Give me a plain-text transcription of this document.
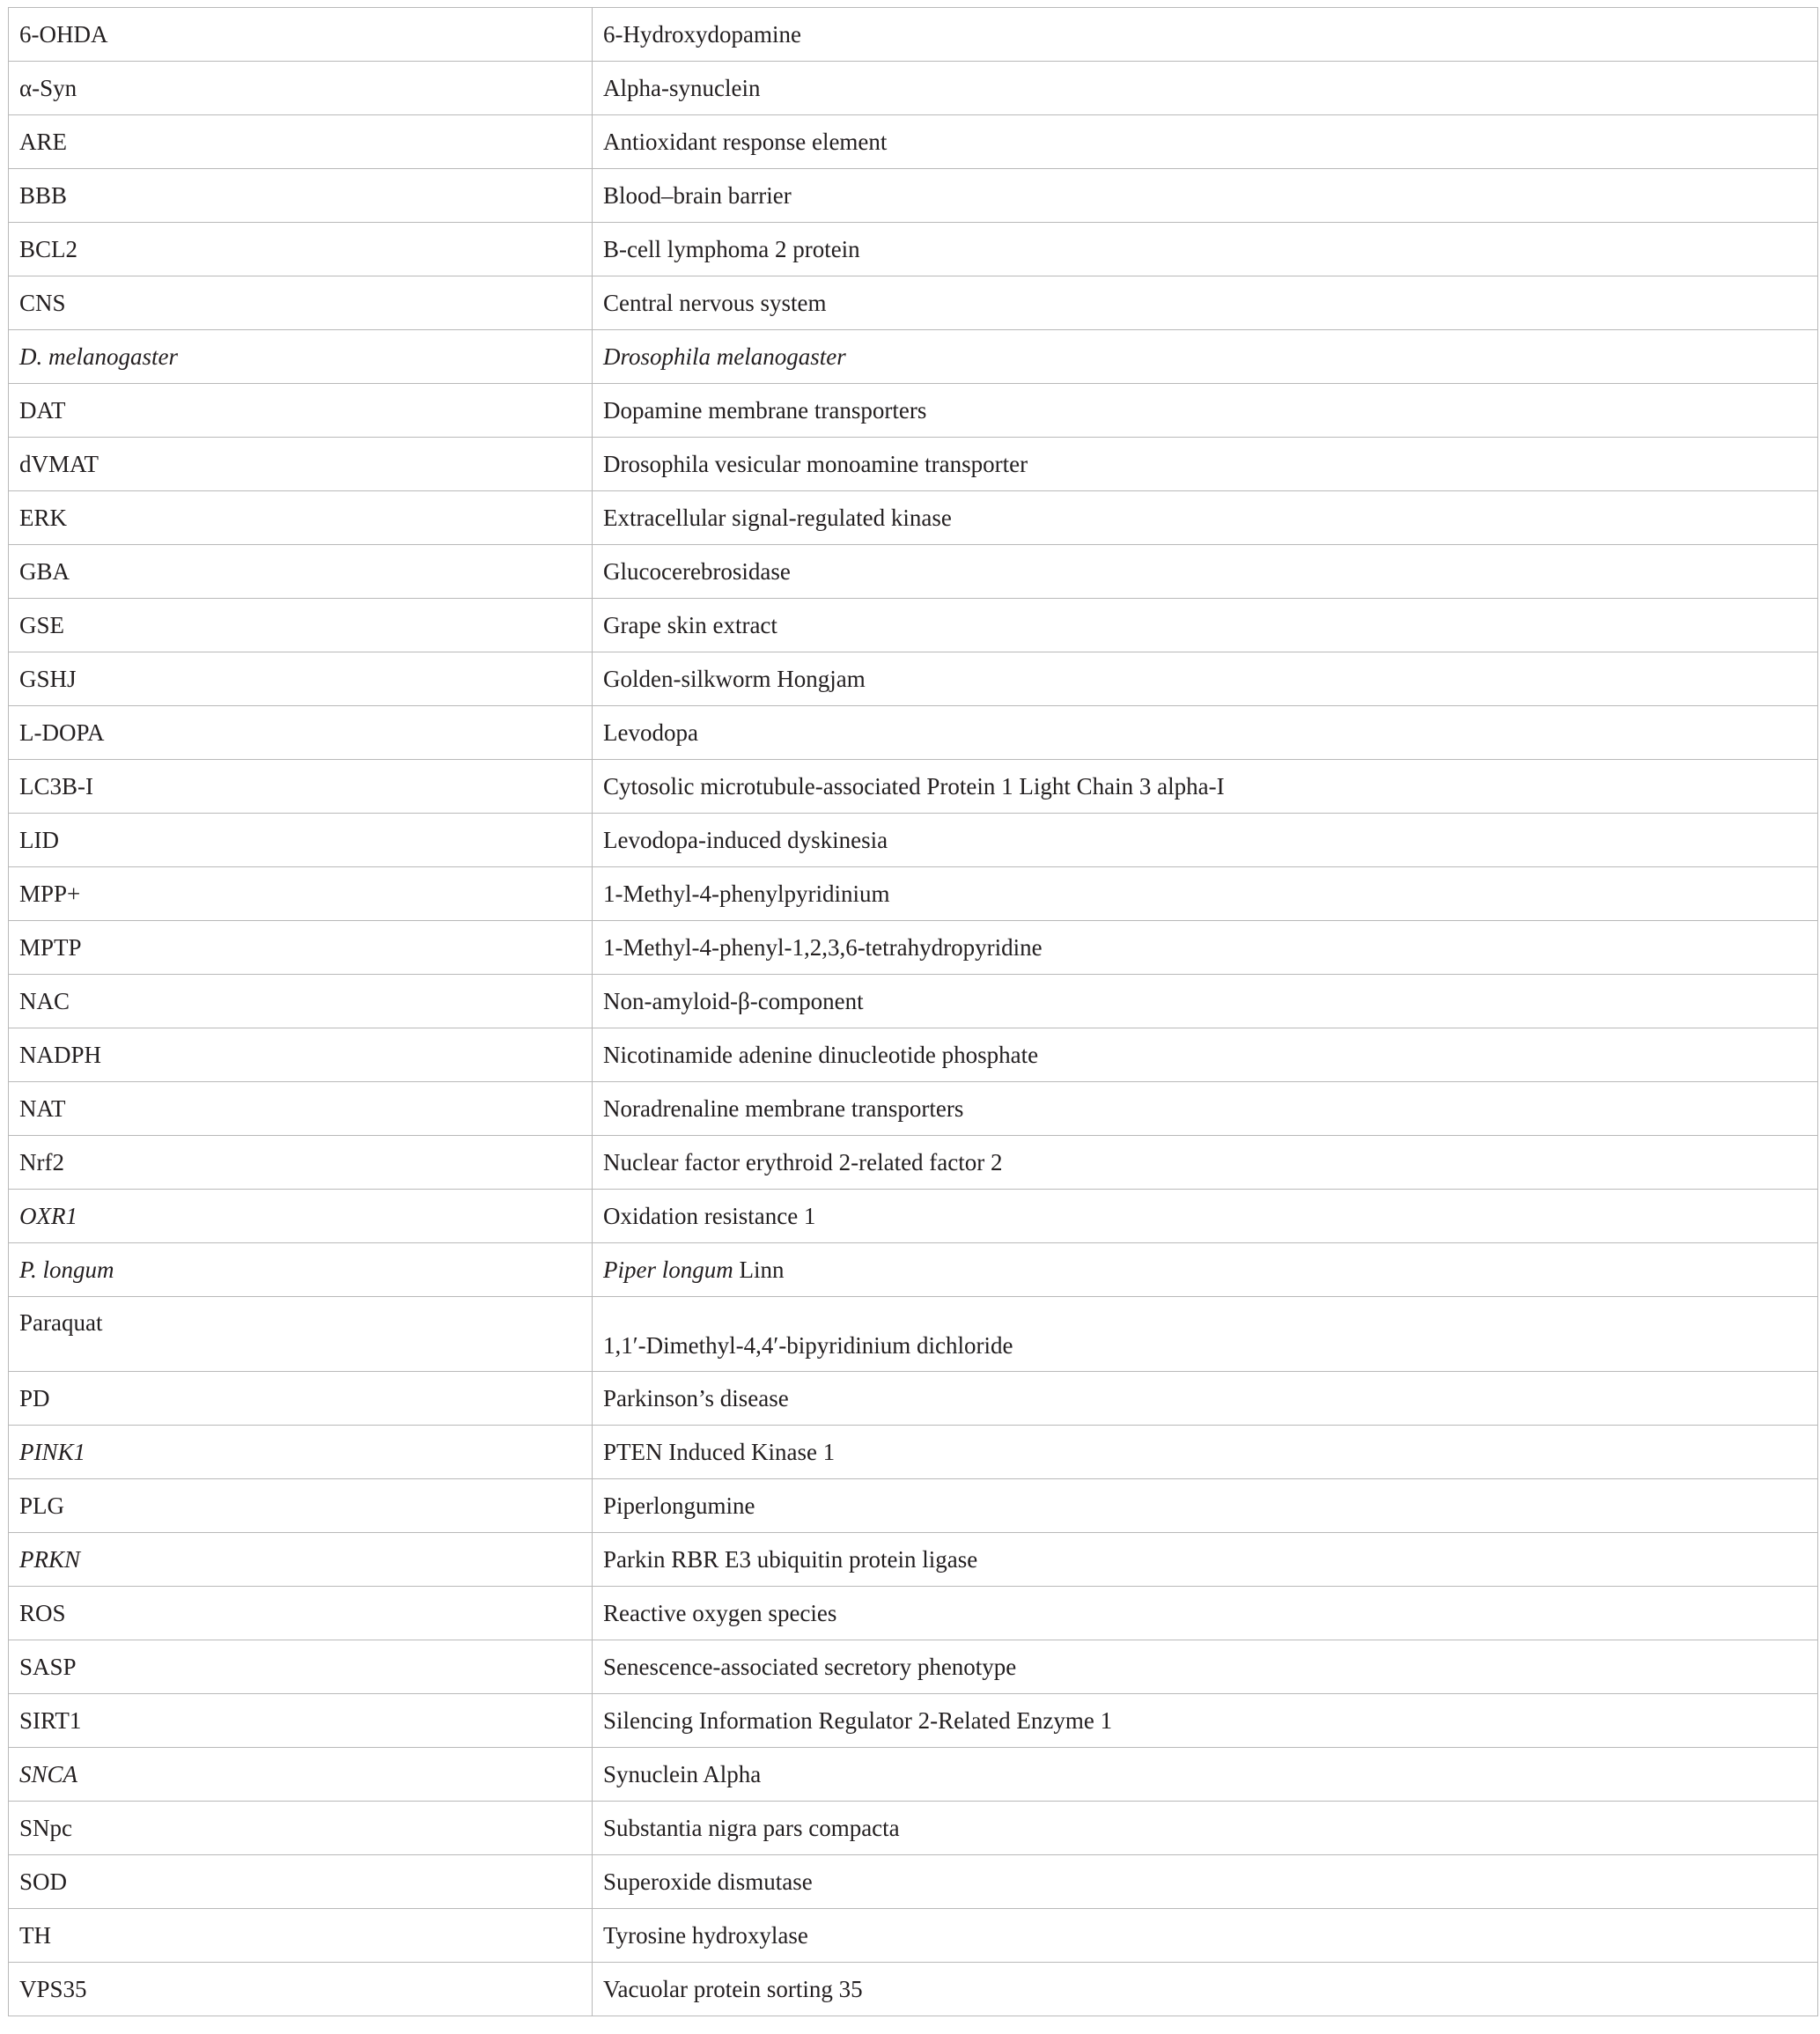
6-OHDA	6-Hydroxydopamine
α-Syn	Alpha-synuclein
ARE	Antioxidant response element
BBB	Blood–brain barrier
BCL2	B-cell lymphoma 2 protein
CNS	Central nervous system
D. melanogaster	Drosophila melanogaster
DAT	Dopamine membrane transporters
dVMAT	Drosophila vesicular monoamine transporter
ERK	Extracellular signal-regulated kinase
GBA	Glucocerebrosidase
GSE	Grape skin extract
GSHJ	Golden-silkworm Hongjam
L-DOPA	Levodopa
LC3B-I	Cytosolic microtubule-associated Protein 1 Light Chain 3 alpha-I
LID	Levodopa-induced dyskinesia
MPP+	1-Methyl-4-phenylpyridinium
MPTP	1-Methyl-4-phenyl-1,2,3,6-tetrahydropyridine
NAC	Non-amyloid-β-component
NADPH	Nicotinamide adenine dinucleotide phosphate
NAT	Noradrenaline membrane transporters
Nrf2	Nuclear factor erythroid 2-related factor 2
OXR1	Oxidation resistance 1
P. longum	Piper longum Linn
Paraquat	1,1′-Dimethyl-4,4′-bipyridinium dichloride
PD	Parkinson’s disease
PINK1	PTEN Induced Kinase 1
PLG	Piperlongumine
PRKN	Parkin RBR E3 ubiquitin protein ligase
ROS	Reactive oxygen species
SASP	Senescence-associated secretory phenotype
SIRT1	Silencing Information Regulator 2-Related Enzyme 1
SNCA	Synuclein Alpha
SNpc	Substantia nigra pars compacta
SOD	Superoxide dismutase
TH	Tyrosine hydroxylase
VPS35	Vacuolar protein sorting 35
